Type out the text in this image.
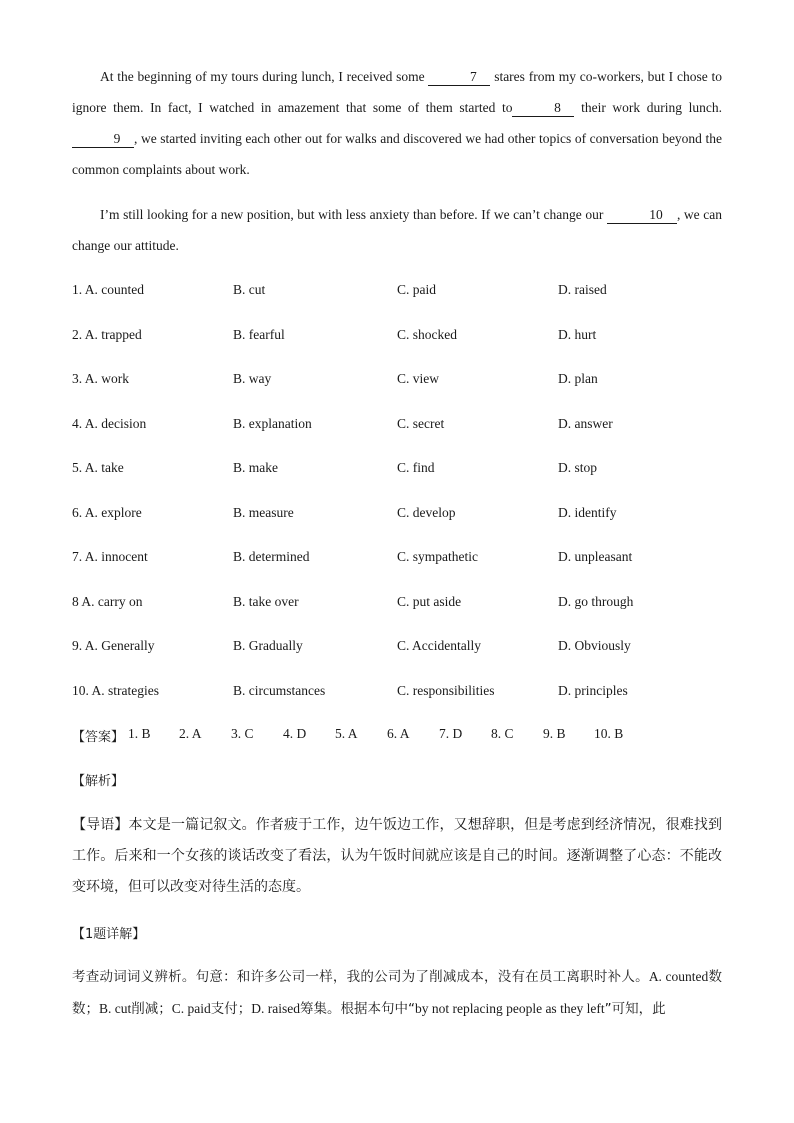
At the beginning of my tours during lunch, I received some	7 stares from my co-workers, but I chose to ignore them. In fact, I watched in amazement that some of them started to	8 their work during lunch. 9 , we started inviting each other out for walks and discovered we had other topics of conversation beyond the common complaints about work.
I’m still looking for a new position, but with less anxiety than before. If we can’t change our	10 , we can change our attitude.
1. A. counted	B. cut	C. paid	D. raised
2. A. trapped	B. fearful	C. shocked	D. hurt
3. A. work	B. way	C. view	D. plan
4. A. decision	B. explanation	C. secret	D. answer
5. A. take	B. make	C. find	D. stop
6. A. explore	B. measure	C. develop	D. identify
7. A. innocent	B. determined	C. sympathetic	D. unpleasant
8 A. carry on	B. take over	C. put aside	D. go through
9. A. Generally	B. Gradually	C. Accidentally	D. Obviously
10. A. strategies	B. circumstances	C. responsibilities	D. principles
【答案】 1. B 2. A 3. C 4. D 5. A 6. A 7. D 8. C 9. B 10. B
【解析】
【导语】本文是一篇记叙文。作者疲于工作，边午饭边工作，又想辞职，但是考虑到经济情况，很难找到工作。后来和一个女孩的谈话改变了看法，认为午饭时间就应该是自己的时间。逐渐调整了心态：不能改变环境，但可以改变对待生活的态度。
【1题详解】
考查动词词义辨析。句意：和许多公司一样，我的公司为了削减成本，没有在员工离职时补人。A. counted数数；B. cut削减；C. paid支付；D. raised筹集。根据本句中“by not replacing people as they left”可知，此
